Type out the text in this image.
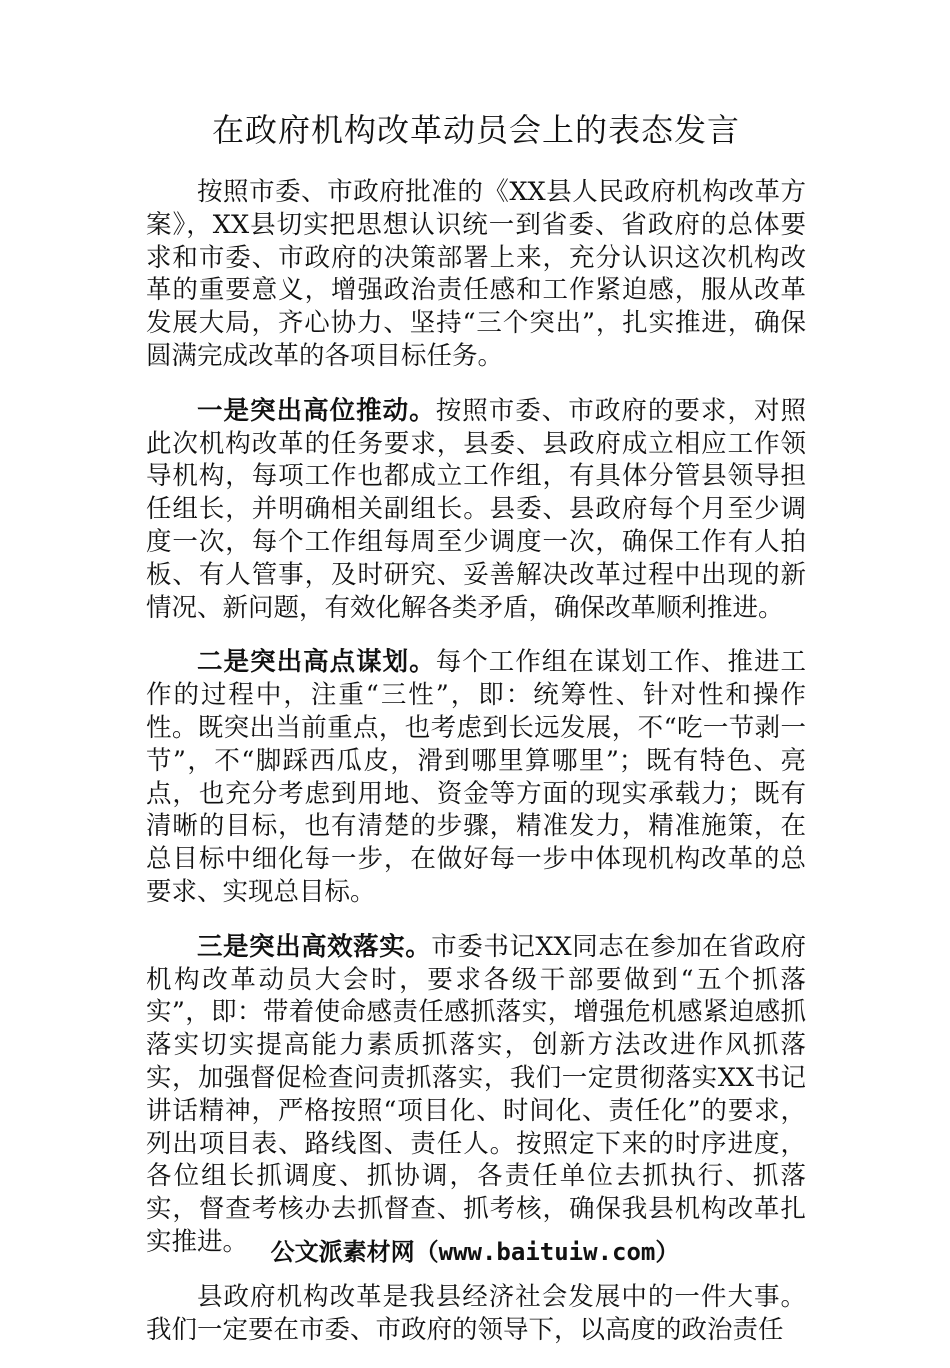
在政府机构改革动员会上的表态发言

按照市委、市政府批准的《XX县人民政府机构改革方案》，XX县切实把思想认识统一到省委、省政府的总体要求和市委、市政府的决策部署上来，充分认识这次机构改革的重要意义，增强政治责任感和工作紧迫感，服从改革发展大局，齐心协力、坚持“三个突出”，扎实推进，确保圆满完成改革的各项目标任务。

一是突出高位推动。按照市委、市政府的要求，对照此次机构改革的任务要求，县委、县政府成立相应工作领导机构，每项工作也都成立工作组，有具体分管县领导担任组长，并明确相关副组长。县委、县政府每个月至少调度一次，每个工作组每周至少调度一次，确保工作有人拍板、有人管事，及时研究、妥善解决改革过程中出现的新情况、新问题，有效化解各类矛盾，确保改革顺利推进。

二是突出高点谋划。每个工作组在谋划工作、推进工作的过程中，注重“三性”，即：统筹性、针对性和操作性。既突出当前重点，也考虑到长远发展，不“吃一节剥一节”，不“脚踩西瓜皮，滑到哪里算哪里”；既有特色、亮点，也充分考虑到用地、资金等方面的现实承载力；既有清晰的目标，也有清楚的步骤，精准发力，精准施策，在总目标中细化每一步，在做好每一步中体现机构改革的总要求、实现总目标。

三是突出高效落实。市委书记XX同志在参加在省政府机构改革动员大会时，要求各级干部要做到“五个抓落实”，即：带着使命感责任感抓落实，增强危机感紧迫感抓落实切实提高能力素质抓落实，创新方法改进作风抓落实，加强督促检查问责抓落实，我们一定贯彻落实XX书记讲话精神，严格按照“项目化、时间化、责任化”的要求，列出项目表、路线图、责任人。按照定下来的时序进度，各位组长抓调度、抓协调，各责任单位去抓执行、抓落实，督查考核办去抓督查、抓考核，确保我县机构改革扎实推进。

县政府机构改革是我县经济社会发展中的一件大事。我们一定要在市委、市政府的领导下，以高度的政治责任

公文派素材网（www.baituiw.com）
